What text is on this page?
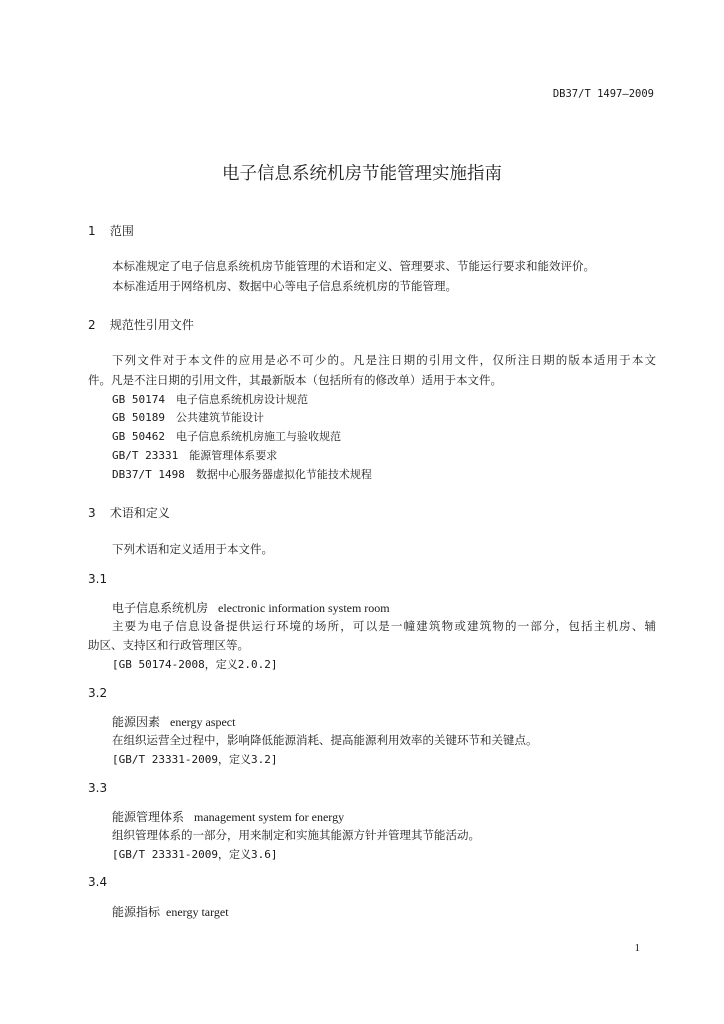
DB37/T 1497—2009
电子信息系统机房节能管理实施指南
1 范围
本标准规定了电子信息系统机房节能管理的术语和定义、管理要求、节能运行要求和能效评价。
本标准适用于网络机房、数据中心等电子信息系统机房的节能管理。
2 规范性引用文件
下列文件对于本文件的应用是必不可少的。凡是注日期的引用文件，仅所注日期的版本适用于本文
件。凡是不注日期的引用文件，其最新版本（包括所有的修改单）适用于本文件。
GB 50174　电子信息系统机房设计规范
GB 50189　公共建筑节能设计
GB 50462　电子信息系统机房施工与验收规范
GB/T 23331　能源管理体系要求
DB37/T 1498　数据中心服务器虚拟化节能技术规程
3 术语和定义
下列术语和定义适用于本文件。
3.1
电子信息系统机房 electronic information system room
主要为电子信息设备提供运行环境的场所，可以是一幢建筑物或建筑物的一部分，包括主机房、辅
助区、支持区和行政管理区等。
[GB 50174-2008，定义2.0.2]
3.2
能源因素 energy aspect
在组织运营全过程中，影响降低能源消耗、提高能源利用效率的关键环节和关键点。
[GB/T 23331-2009，定义3.2]
3.3
能源管理体系 management system for energy
组织管理体系的一部分，用来制定和实施其能源方针并管理其节能活动。
[GB/T 23331-2009，定义3.6]
3.4
能源指标 energy target
1
